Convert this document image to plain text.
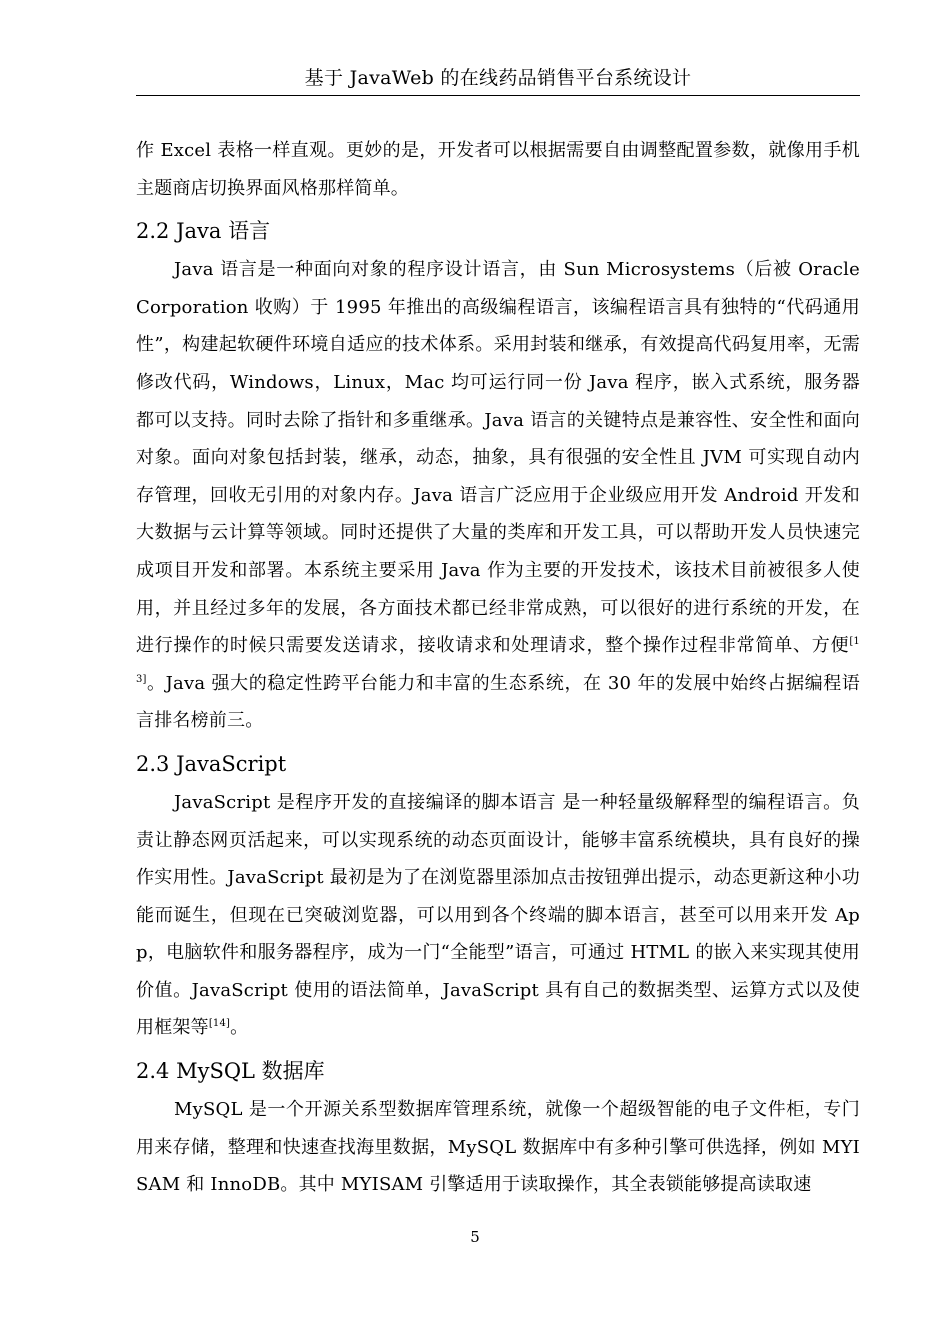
基于 JavaWeb 的在线药品销售平台系统设计

作 Excel 表格一样直观。更妙的是，开发者可以根据需要自由调整配置参数，就像用手机主题商店切换界面风格那样简单。

2.2 Java 语言

Java 语言是一种面向对象的程序设计语言，由 Sun Microsystems（后被 Oracle Corporation 收购）于 1995 年推出的高级编程语言，该编程语言具有独特的“代码通用性”，构建起软硬件环境自适应的技术体系。采用封装和继承，有效提高代码复用率，无需修改代码，Windows，Linux，Mac 均可运行同一份 Java 程序，嵌入式系统，服务器都可以支持。同时去除了指针和多重继承。Java 语言的关键特点是兼容性、安全性和面向对象。面向对象包括封装，继承，动态，抽象，具有很强的安全性且 JVM 可实现自动内存管理，回收无引用的对象内存。Java 语言广泛应用于企业级应用开发 Android 开发和大数据与云计算等领域。同时还提供了大量的类库和开发工具，可以帮助开发人员快速完成项目开发和部署。本系统主要采用 Java 作为主要的开发技术，该技术目前被很多人使用，并且经过多年的发展，各方面技术都已经非常成熟，可以很好的进行系统的开发，在进行操作的时候只需要发送请求，接收请求和处理请求，整个操作过程非常简单、方便[13]。Java 强大的稳定性跨平台能力和丰富的生态系统，在 30 年的发展中始终占据编程语言排名榜前三。

2.3 JavaScript

JavaScript 是程序开发的直接编译的脚本语言 是一种轻量级解释型的编程语言。负责让静态网页活起来，可以实现系统的动态页面设计，能够丰富系统模块，具有良好的操作实用性。JavaScript 最初是为了在浏览器里添加点击按钮弹出提示，动态更新这种小功能而诞生，但现在已突破浏览器，可以用到各个终端的脚本语言，甚至可以用来开发 App，电脑软件和服务器程序，成为一门“全能型”语言，可通过 HTML 的嵌入来实现其使用价值。JavaScript 使用的语法简单，JavaScript 具有自己的数据类型、运算方式以及使用框架等[14]。

2.4 MySQL 数据库

MySQL 是一个开源关系型数据库管理系统，就像一个超级智能的电子文件柜，专门用来存储，整理和快速查找海里数据，MySQL 数据库中有多种引擎可供选择，例如 MYISAM 和 InnoDB。其中 MYISAM 引擎适用于读取操作，其全表锁能够提高读取速

5
